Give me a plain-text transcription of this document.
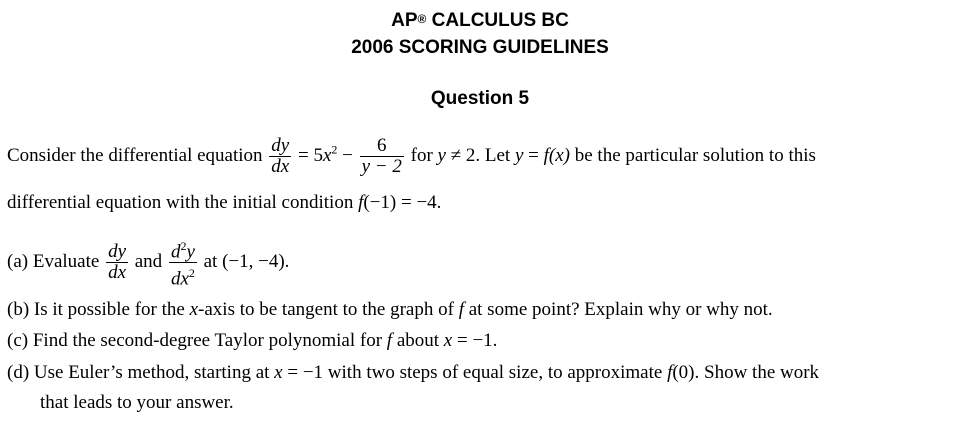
AP® CALCULUS BC
2006 SCORING GUIDELINES
Question 5
Consider the differential equation $\frac{dy}{dx} = 5x^2 - \frac{6}{y - 2}$ for y ≠ 2. Let y = f(x) be the particular solution to this
differential equation with the initial condition f(−1) = −4.
(a) Evaluate $\frac{dy}{dx}$ and $\frac{d^2y}{dx^2}$ at (−1, −4).
(b) Is it possible for the x-axis to be tangent to the graph of f at some point? Explain why or why not.
(c) Find the second-degree Taylor polynomial for f about x = −1.
(d) Use Euler’s method, starting at x = −1 with two steps of equal size, to approximate f(0). Show the work
that leads to your answer.
